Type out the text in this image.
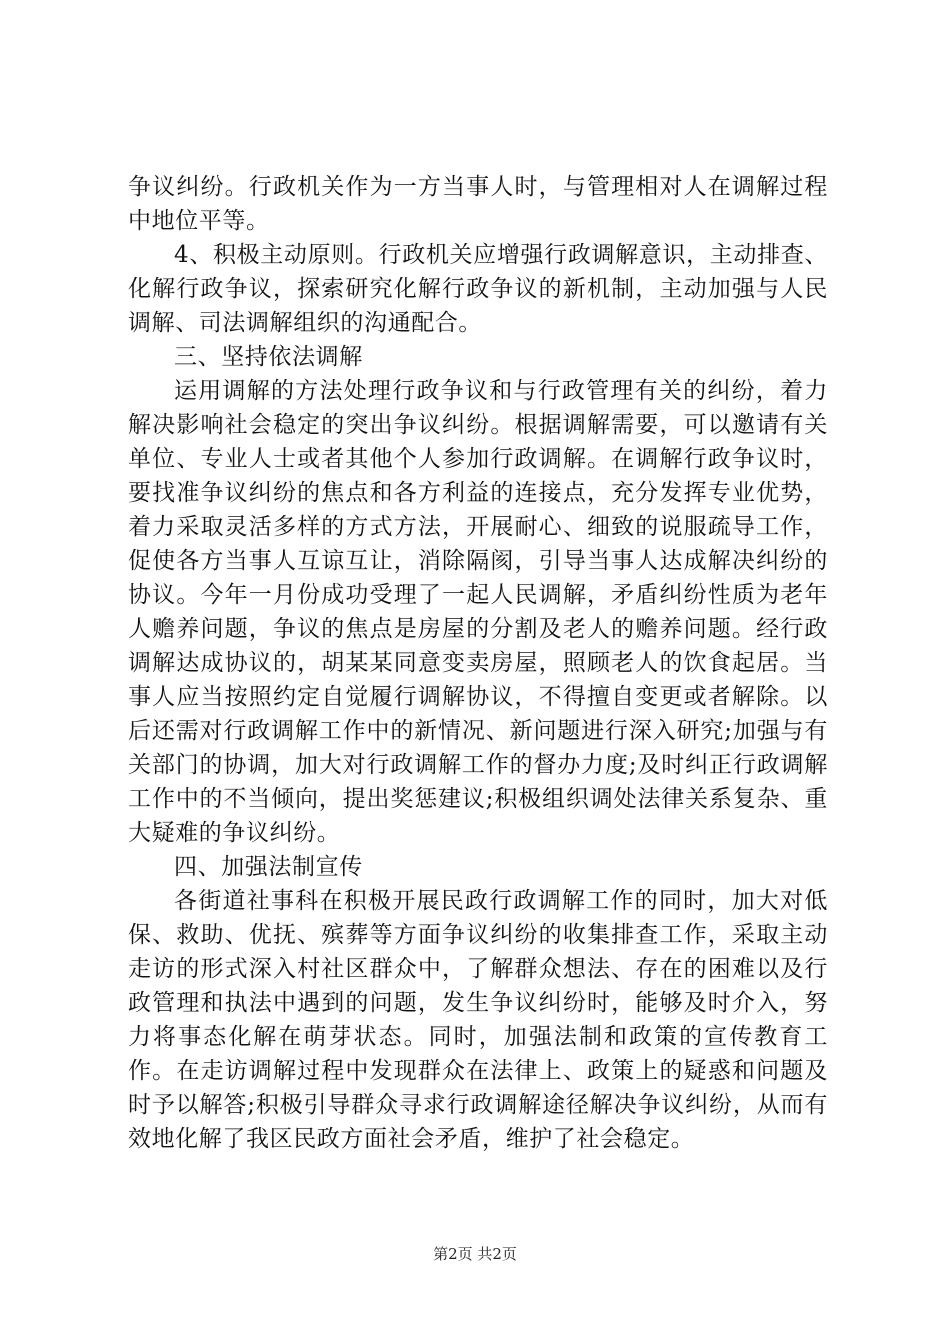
争议纠纷。行政机关作为一方当事人时，与管理相对人在调解过程中地位平等。

4、积极主动原则。行政机关应增强行政调解意识，主动排查、化解行政争议，探索研究化解行政争议的新机制，主动加强与人民调解、司法调解组织的沟通配合。

三、坚持依法调解

运用调解的方法处理行政争议和与行政管理有关的纠纷，着力解决影响社会稳定的突出争议纠纷。根据调解需要，可以邀请有关单位、专业人士或者其他个人参加行政调解。在调解行政争议时，要找准争议纠纷的焦点和各方利益的连接点，充分发挥专业优势，着力采取灵活多样的方式方法，开展耐心、细致的说服疏导工作，促使各方当事人互谅互让，消除隔阂，引导当事人达成解决纠纷的协议。今年一月份成功受理了一起人民调解，矛盾纠纷性质为老年人赡养问题，争议的焦点是房屋的分割及老人的赡养问题。经行政调解达成协议的，胡某某同意变卖房屋，照顾老人的饮食起居。当事人应当按照约定自觉履行调解协议，不得擅自变更或者解除。以后还需对行政调解工作中的新情况、新问题进行深入研究;加强与有关部门的协调，加大对行政调解工作的督办力度;及时纠正行政调解工作中的不当倾向，提出奖惩建议;积极组织调处法律关系复杂、重大疑难的争议纠纷。

四、加强法制宣传

各街道社事科在积极开展民政行政调解工作的同时，加大对低保、救助、优抚、殡葬等方面争议纠纷的收集排查工作，采取主动走访的形式深入村社区群众中，了解群众想法、存在的困难以及行政管理和执法中遇到的问题，发生争议纠纷时，能够及时介入，努力将事态化解在萌芽状态。同时，加强法制和政策的宣传教育工作。在走访调解过程中发现群众在法律上、政策上的疑惑和问题及时予以解答;积极引导群众寻求行政调解途径解决争议纠纷，从而有效地化解了我区民政方面社会矛盾，维护了社会稳定。

第2页 共2页
